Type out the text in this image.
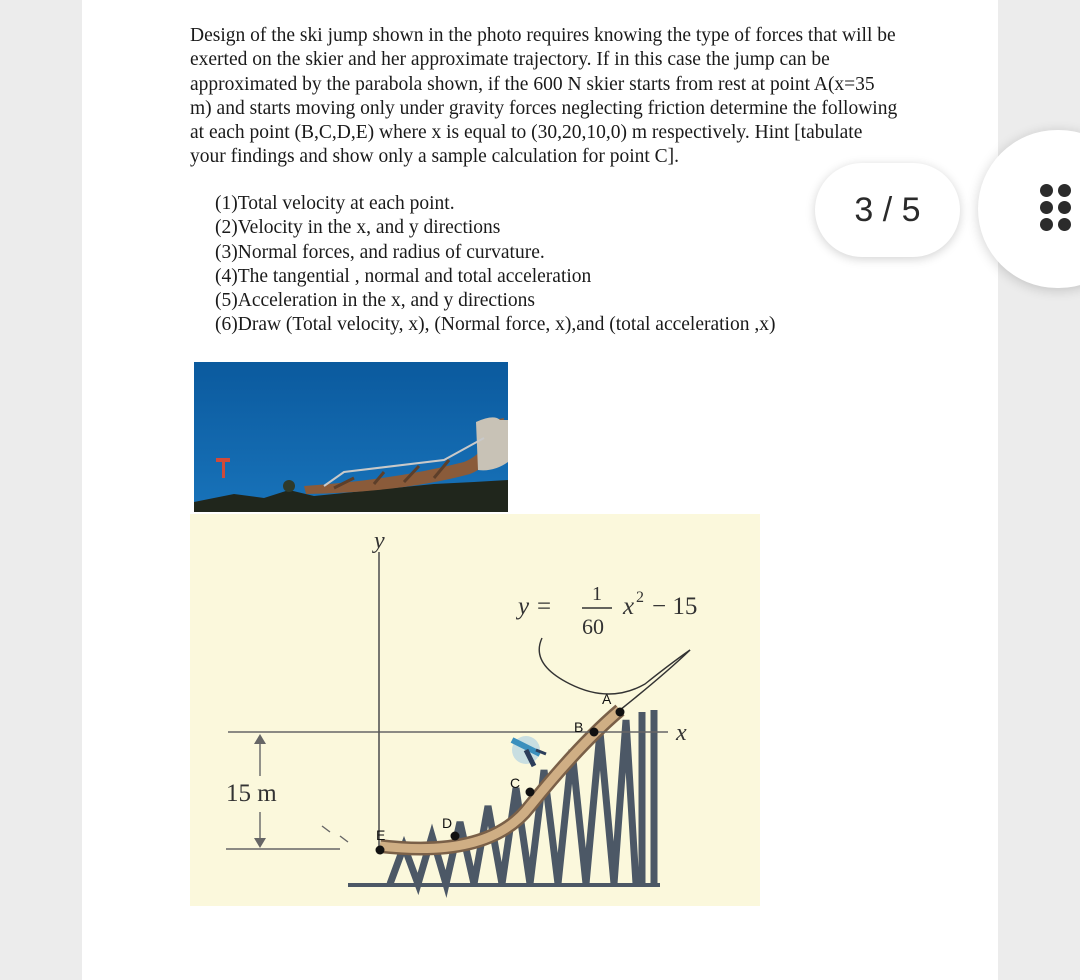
Design of the ski jump shown in the photo requires knowing the type of forces that will be exerted on the skier and her approximate trajectory. If in this case the jump can be approximated by the parabola shown, if the 600 N skier starts from rest at point A(x=35 m) and starts moving only under gravity forces neglecting friction determine the following at each point (B,C,D,E) where x is equal to (30,20,10,0) m respectively. Hint [tabulate your findings and show only a sample calculation for point C].

(1)Total velocity at each point.
(2)Velocity in the x, and y directions
(3)Normal forces, and radius of curvature.
(4)The tangential , normal and total acceleration
(5)Acceleration in the x, and y directions
(6)Draw (Total velocity, x), (Normal force, x),and (total acceleration ,x)
3 / 5
15 m
y
x
y = 1
60
x 2 − 15
A
B
C
D
E
